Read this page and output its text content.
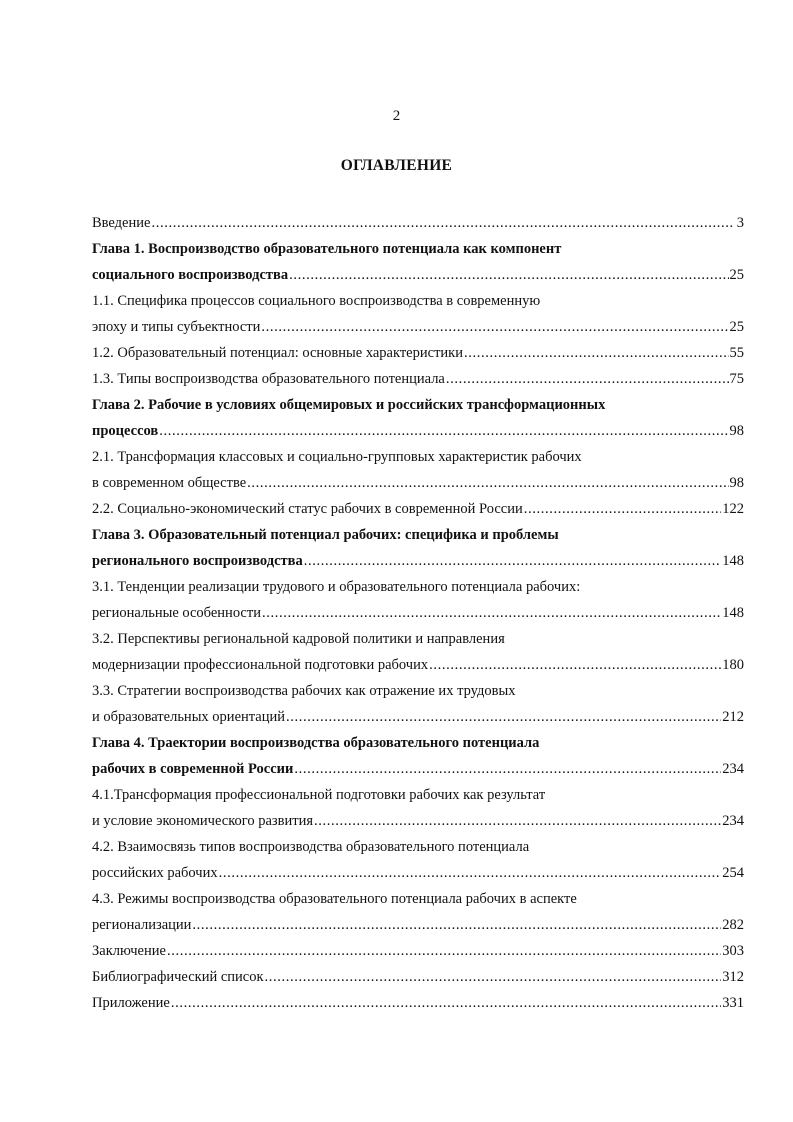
2
ОГЛАВЛЕНИЕ
Введение . . .	3
Глава 1. Воспроизводство образовательного потенциала как компонент
социального воспроизводства . . .	25
1.1. Специфика процессов социального воспроизводства в современную
эпоху и типы субъектности . . .	25
1.2. Образовательный потенциал: основные характеристики . . .	55
1.3. Типы воспроизводства образовательного потенциала . . .	75
Глава 2. Рабочие в условиях общемировых и российских трансформационных
процессов . . .	98
2.1. Трансформация классовых и социально-групповых характеристик рабочих
в современном обществе . . .	98
2.2. Социально-экономический статус рабочих в современной России . . .	122
Глава 3. Образовательный потенциал рабочих: специфика и проблемы
регионального воспроизводства . . .	148
3.1. Тенденции реализации трудового и образовательного потенциала рабочих:
региональные особенности . . .	148
3.2. Перспективы региональной кадровой политики и направления
модернизации профессиональной подготовки рабочих . . .	180
3.3. Стратегии воспроизводства рабочих как отражение их трудовых
и образовательных ориентаций . . .	212
Глава 4. Траектории воспроизводства образовательного потенциала
рабочих в современной России . . .	234
4.1.Трансформация профессиональной подготовки рабочих как результат
и условие экономического развития . . .	234
4.2. Взаимосвязь типов воспроизводства образовательного потенциала
российских рабочих . . .	254
4.3. Режимы воспроизводства образовательного потенциала рабочих в аспекте
регионализации . . .	282
Заключение . . .	303
Библиографический список . . .	312
Приложение . . .	331
